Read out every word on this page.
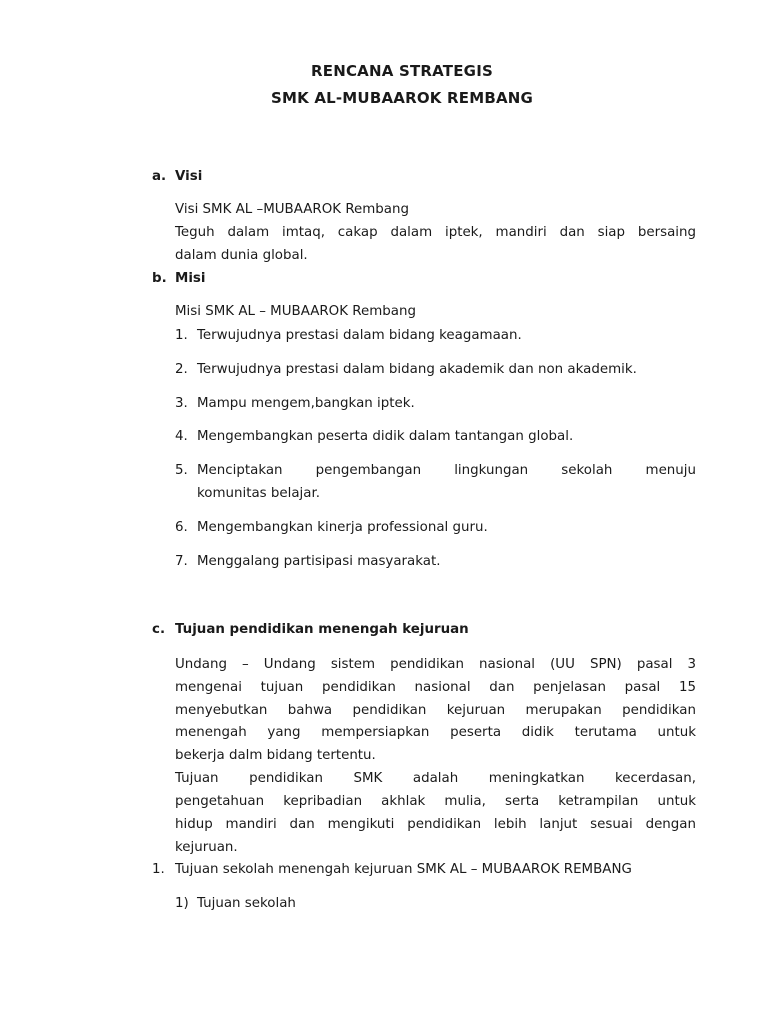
RENCANA STRATEGIS
SMK AL-MUBAAROK REMBANG
a. Visi
Visi SMK AL –MUBAAROK Rembang
Teguh dalam imtaq, cakap dalam iptek, mandiri dan siap bersaing
dalam dunia global.
b. Misi
Misi SMK AL – MUBAAROK Rembang
1. Terwujudnya prestasi dalam bidang keagamaan.
2. Terwujudnya prestasi dalam bidang akademik dan non akademik.
3. Mampu mengem,bangkan iptek.
4. Mengembangkan peserta didik dalam tantangan global.
5. Menciptakan pengembangan lingkungan sekolah menuju
komunitas belajar.
6. Mengembangkan kinerja professional guru.
7. Menggalang partisipasi masyarakat.
c. Tujuan pendidikan menengah kejuruan
Undang – Undang sistem pendidikan nasional (UU SPN) pasal 3
mengenai tujuan pendidikan nasional dan penjelasan pasal 15
menyebutkan bahwa pendidikan kejuruan merupakan pendidikan
menengah yang mempersiapkan peserta didik terutama untuk
bekerja dalm bidang tertentu.
Tujuan pendidikan SMK adalah meningkatkan kecerdasan,
pengetahuan kepribadian akhlak mulia, serta ketrampilan untuk
hidup mandiri dan mengikuti pendidikan lebih lanjut sesuai dengan
kejuruan.
1. Tujuan sekolah menengah kejuruan SMK AL – MUBAAROK REMBANG
1) Tujuan sekolah
